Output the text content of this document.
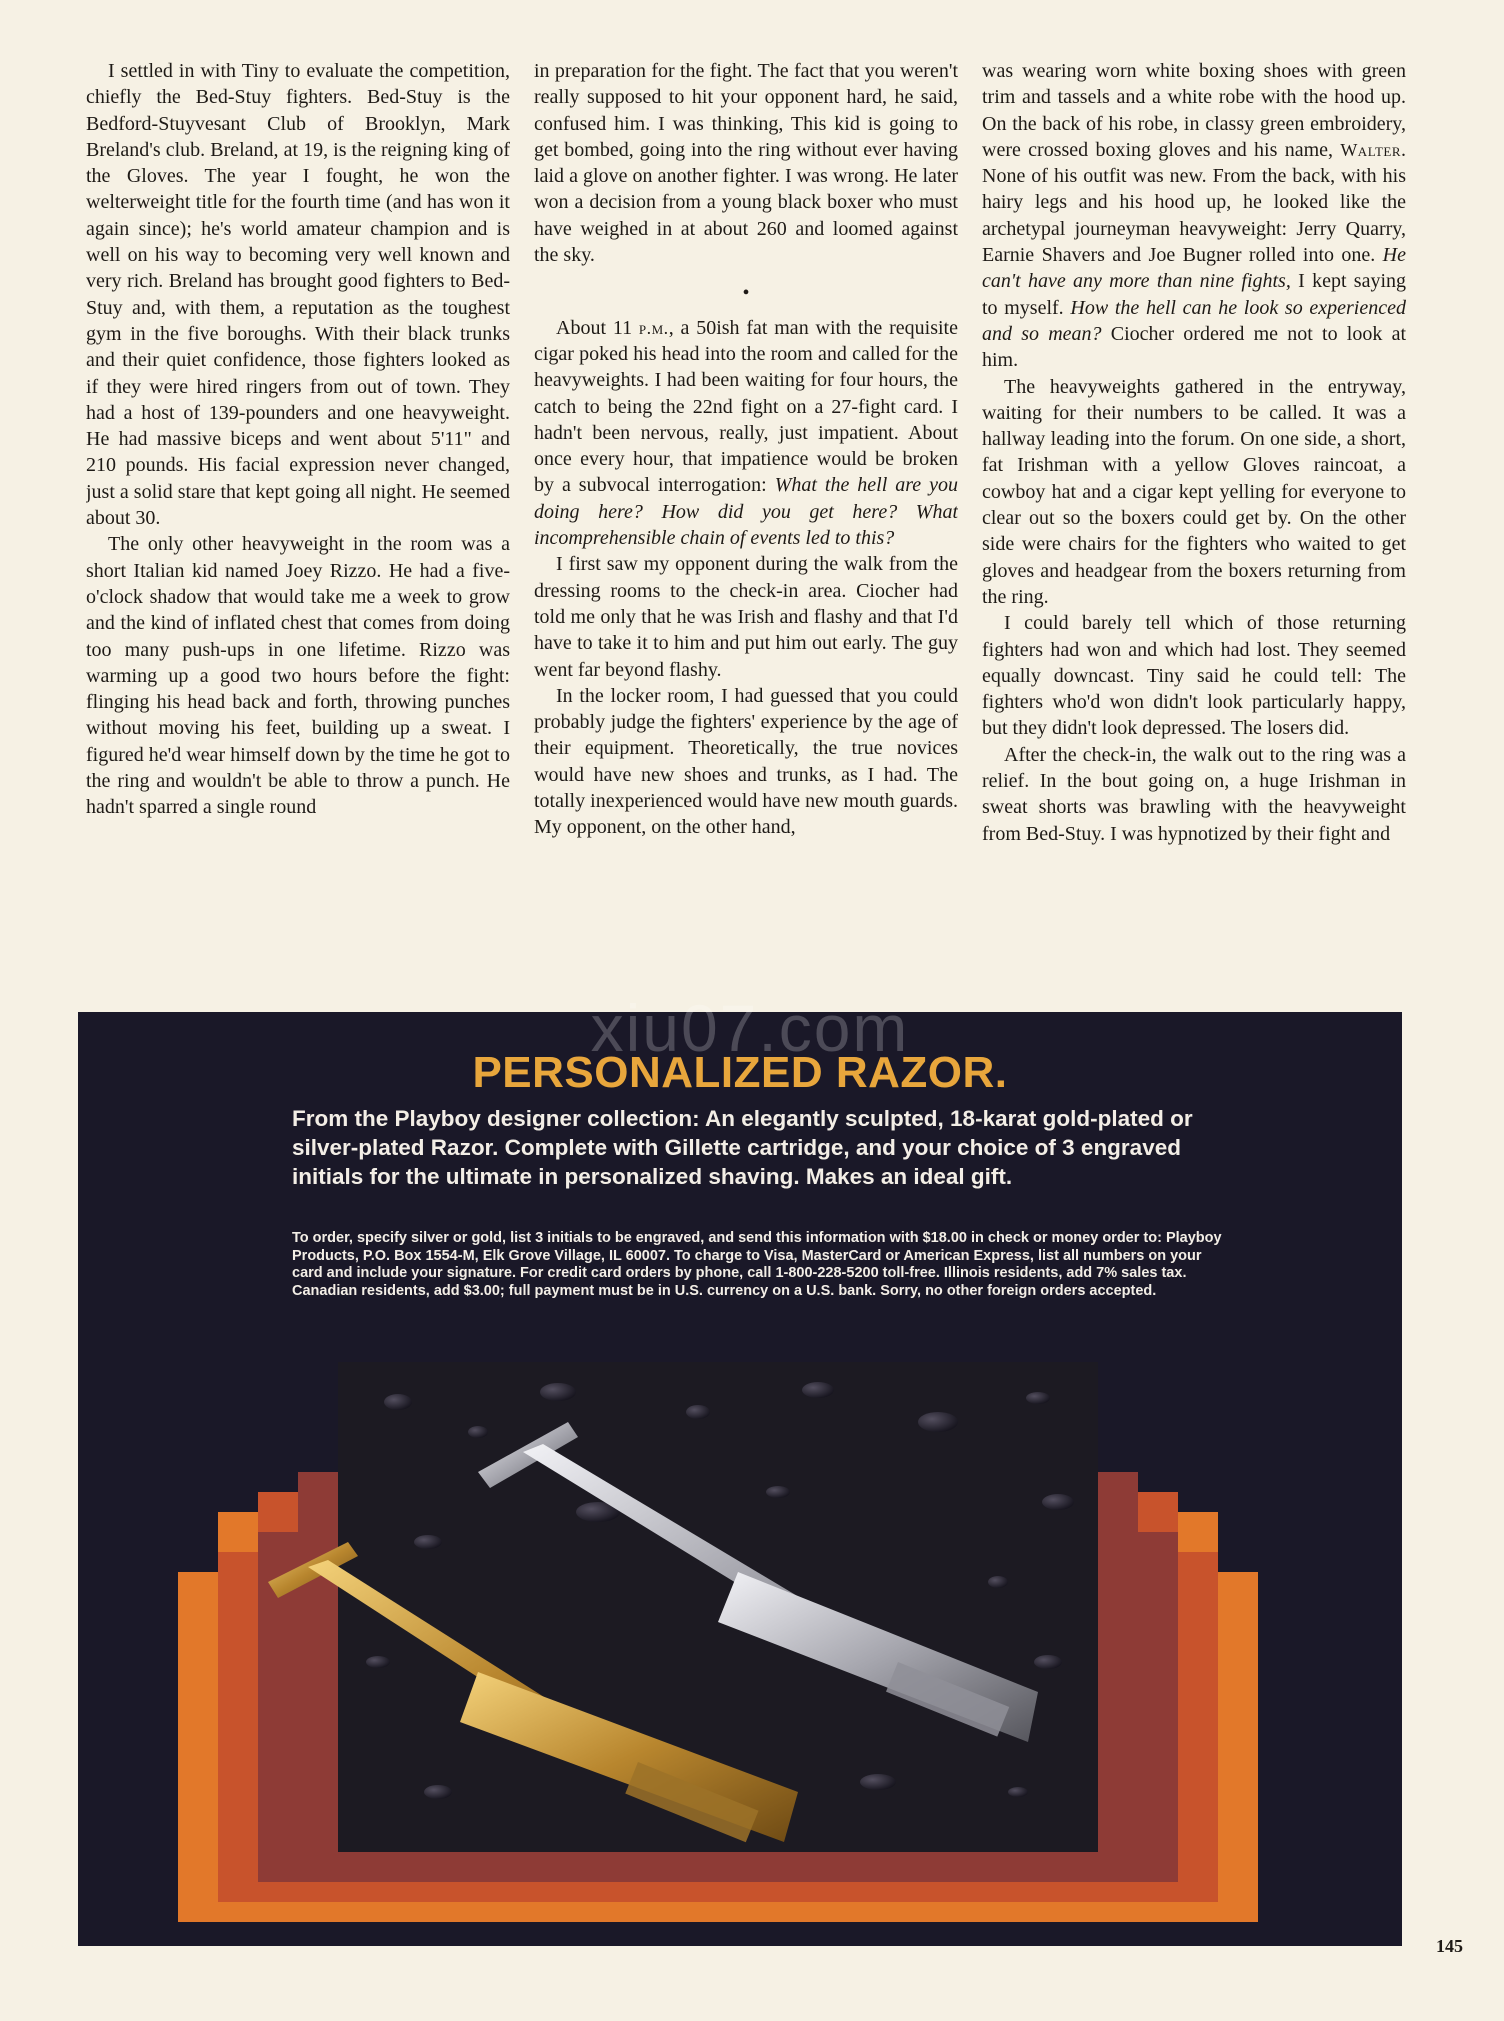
I settled in with Tiny to evaluate the competition, chiefly the Bed-Stuy fighters. Bed-Stuy is the Bedford-Stuyvesant Club of Brooklyn, Mark Breland's club. Breland, at 19, is the reigning king of the Gloves. The year I fought, he won the welterweight title for the fourth time (and has won it again since); he's world amateur champion and is well on his way to becoming very well known and very rich. Breland has brought good fighters to Bed-Stuy and, with them, a reputation as the toughest gym in the five boroughs. With their black trunks and their quiet confidence, those fighters looked as if they were hired ringers from out of town. They had a host of 139-pounders and one heavyweight. He had massive biceps and went about 5'11" and 210 pounds. His facial expression never changed, just a solid stare that kept going all night. He seemed about 30.

The only other heavyweight in the room was a short Italian kid named Joey Rizzo. He had a five-o'clock shadow that would take me a week to grow and the kind of inflated chest that comes from doing too many push-ups in one lifetime. Rizzo was warming up a good two hours before the fight: flinging his head back and forth, throwing punches without moving his feet, building up a sweat. I figured he'd wear himself down by the time he got to the ring and wouldn't be able to throw a punch. He hadn't sparred a single round

in preparation for the fight. The fact that you weren't really supposed to hit your opponent hard, he said, confused him. I was thinking, This kid is going to get bombed, going into the ring without ever having laid a glove on another fighter. I was wrong. He later won a decision from a young black boxer who must have weighed in at about 260 and loomed against the sky.

•

About 11 p.m., a 50ish fat man with the requisite cigar poked his head into the room and called for the heavyweights. I had been waiting for four hours, the catch to being the 22nd fight on a 27-fight card. I hadn't been nervous, really, just impatient. About once every hour, that impatience would be broken by a subvocal interrogation: What the hell are you doing here? How did you get here? What incomprehensible chain of events led to this?

I first saw my opponent during the walk from the dressing rooms to the check-in area. Ciocher had told me only that he was Irish and flashy and that I'd have to take it to him and put him out early. The guy went far beyond flashy.

In the locker room, I had guessed that you could probably judge the fighters' experience by the age of their equipment. Theoretically, the true novices would have new shoes and trunks, as I had. The totally inexperienced would have new mouth guards. My opponent, on the other hand,

was wearing worn white boxing shoes with green trim and tassels and a white robe with the hood up. On the back of his robe, in classy green embroidery, were crossed boxing gloves and his name, Walter. None of his outfit was new. From the back, with his hairy legs and his hood up, he looked like the archetypal journeyman heavyweight: Jerry Quarry, Earnie Shavers and Joe Bugner rolled into one. He can't have any more than nine fights, I kept saying to myself. How the hell can he look so experienced and so mean? Ciocher ordered me not to look at him.

The heavyweights gathered in the entryway, waiting for their numbers to be called. It was a hallway leading into the forum. On one side, a short, fat Irishman with a yellow Gloves raincoat, a cowboy hat and a cigar kept yelling for everyone to clear out so the boxers could get by. On the other side were chairs for the fighters who waited to get gloves and headgear from the boxers returning from the ring.

I could barely tell which of those returning fighters had won and which had lost. They seemed equally downcast. Tiny said he could tell: The fighters who'd won didn't look particularly happy, but they didn't look depressed. The losers did.

After the check-in, the walk out to the ring was a relief. In the bout going on, a huge Irishman in sweat shorts was brawling with the heavyweight from Bed-Stuy. I was hypnotized by their fight and

PERSONALIZED RAZOR.

From the Playboy designer collection: An elegantly sculpted, 18-karat gold-plated or silver-plated Razor. Complete with Gillette cartridge, and your choice of 3 engraved initials for the ultimate in personalized shaving. Makes an ideal gift.

To order, specify silver or gold, list 3 initials to be engraved, and send this information with $18.00 in check or money order to: Playboy Products, P.O. Box 1554-M, Elk Grove Village, IL 60007. To charge to Visa, MasterCard or American Express, list all numbers on your card and include your signature. For credit card orders by phone, call 1-800-228-5200 toll-free. Illinois residents, add 7% sales tax. Canadian residents, add $3.00; full payment must be in U.S. currency on a U.S. bank. Sorry, no other foreign orders accepted.

xiu07.com
145
